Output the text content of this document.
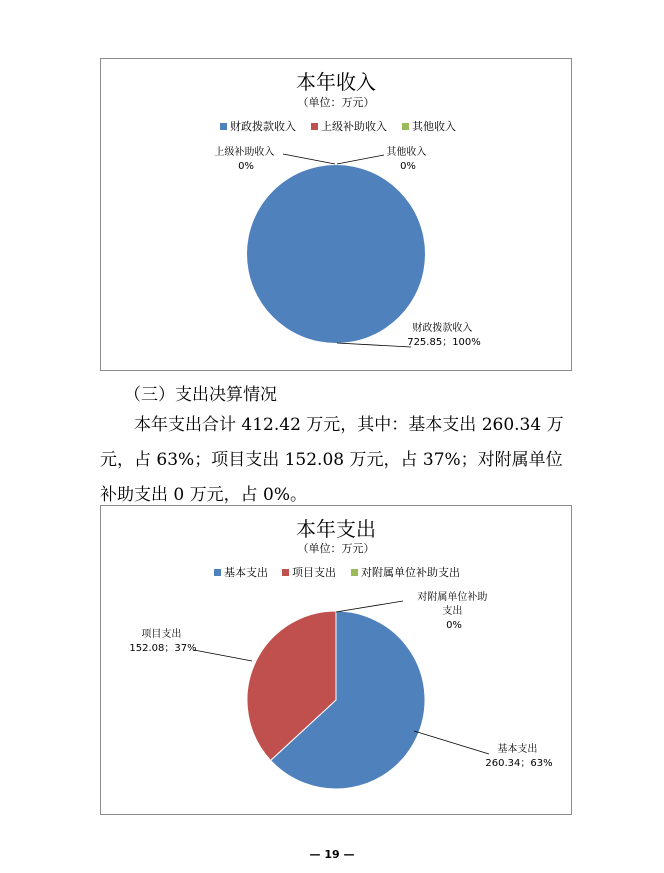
本年收入
（单位：万元）
财政拨款收入 上级补助收入 其他收入
上级补助收入 0%
其他收入 0%
财政拨款收入 725.85；100%

（三）支出决算情况

本年支出合计 412.42 万元，其中：基本支出 260.34 万元，占 63%；项目支出 152.08 万元，占 37%；对附属单位补助支出 0 万元，占 0%。

本年支出
（单位：万元）
基本支出 项目支出 对附属单位补助支出
对附属单位补助 支出 0%
项目支出 152.08；37%
基本支出 260.34；63%
— 19 —
